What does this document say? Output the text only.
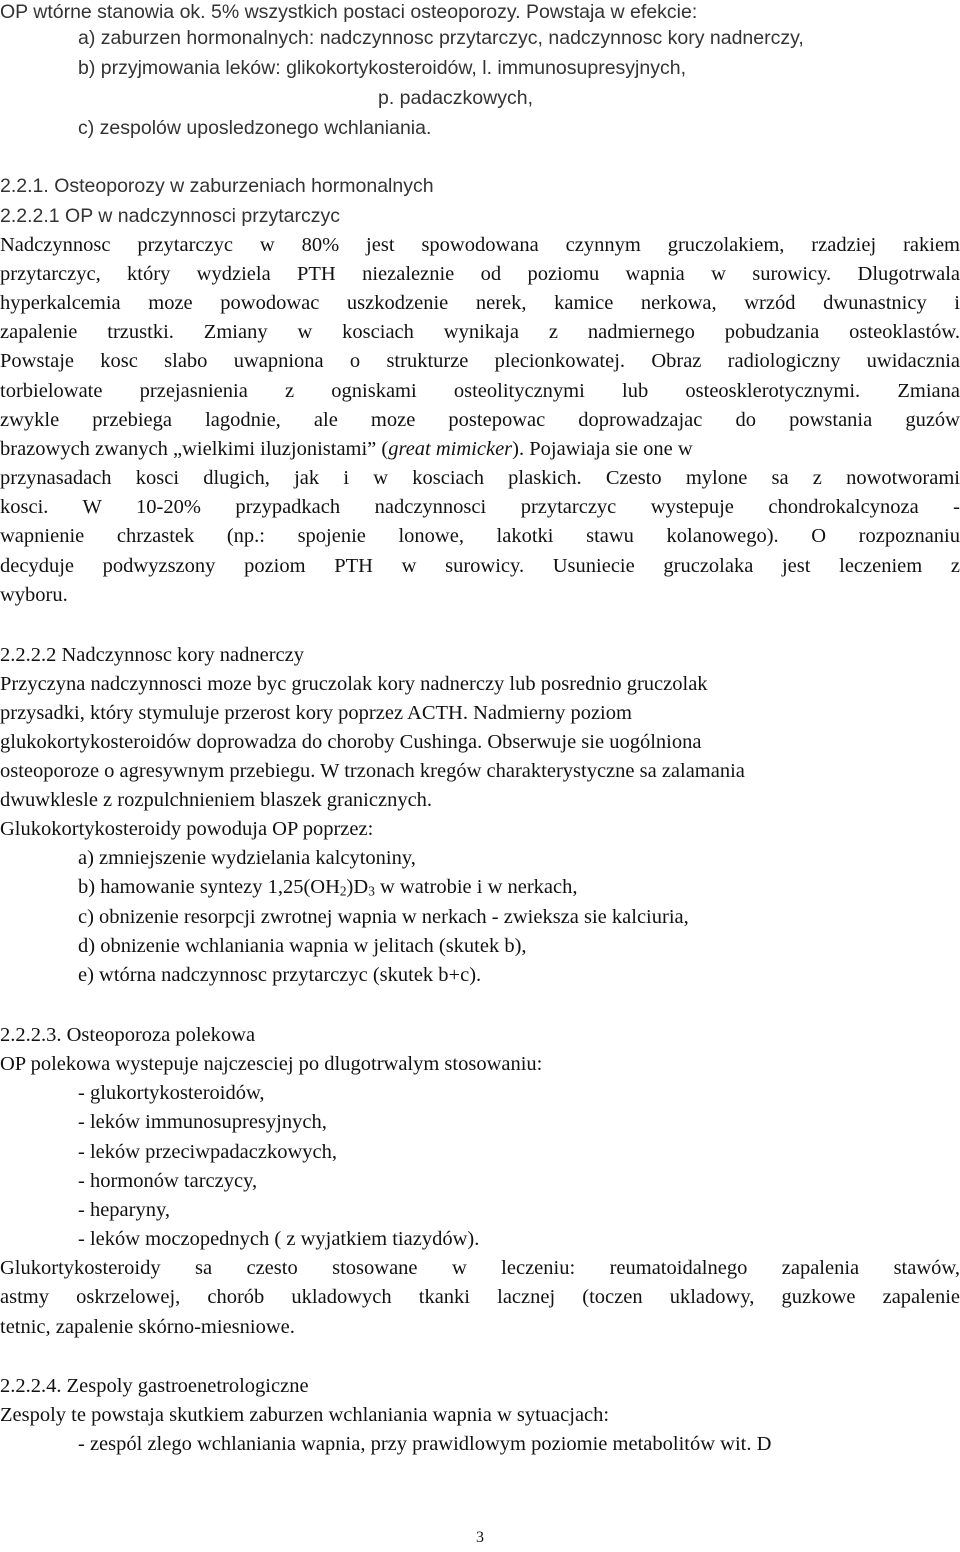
OP wtórne stanowia ok. 5% wszystkich postaci osteoporozy. Powstaja w efekcie:
a) zaburzen hormonalnych: nadczynnosc przytarczyc, nadczynnosc kory nadnerczy,
b) przyjmowania leków: glikokortykosteroidów, l. immunosupresyjnych,
p. padaczkowych,
c) zespolów uposledzonego wchlaniania.
2.2.1. Osteoporozy w zaburzeniach hormonalnych
2.2.2.1 OP w nadczynnosci przytarczyc
Nadczynnosc przytarczyc w 80% jest spowodowana czynnym gruczolakiem, rzadziej rakiem
przytarczyc, który wydziela PTH niezaleznie od poziomu wapnia w surowicy. Dlugotrwala
hyperkalcemia moze powodowac uszkodzenie nerek, kamice nerkowa, wrzód dwunastnicy i
zapalenie trzustki. Zmiany w kosciach wynikaja z nadmiernego pobudzania osteoklastów.
Powstaje kosc slabo uwapniona o strukturze plecionkowatej. Obraz radiologiczny uwidacznia
torbielowate przejasnienia z ogniskami osteolitycznymi lub osteosklerotycznymi. Zmiana
zwykle przebiega lagodnie, ale moze postepowac doprowadzajac do powstania guzów
brazowych zwanych „wielkimi iluzjonistami” (great mimicker). Pojawiaja sie one w
przynasadach kosci dlugich, jak i w kosciach plaskich. Czesto mylone sa z nowotworami
kosci. W 10-20% przypadkach nadczynnosci przytarczyc wystepuje chondrokalcynoza -
wapnienie chrzastek (np.: spojenie lonowe, lakotki stawu kolanowego). O rozpoznaniu
decyduje podwyzszony poziom PTH w surowicy. Usuniecie gruczolaka jest leczeniem z
wyboru.
2.2.2.2 Nadczynnosc kory nadnerczy
Przyczyna nadczynnosci moze byc gruczolak kory nadnerczy lub posrednio gruczolak
przysadki, który stymuluje przerost kory poprzez ACTH. Nadmierny poziom
glukokortykosteroidów doprowadza do choroby Cushinga. Obserwuje sie uogólniona
osteoporoze o agresywnym przebiegu. W trzonach kregów charakterystyczne sa zalamania
dwuwklesle z rozpulchnieniem blaszek granicznych.
Glukokortykosteroidy powoduja OP poprzez:
a) zmniejszenie wydzielania kalcytoniny,
b) hamowanie syntezy $1,25(OH_2)D_3$ w watrobie i w nerkach,
c) obnizenie resorpcji zwrotnej wapnia w nerkach - zwieksza sie kalciuria,
d) obnizenie wchlaniania wapnia w jelitach (skutek b),
e) wtórna nadczynnosc przytarczyc (skutek b+c).
2.2.2.3. Osteoporoza polekowa
OP polekowa wystepuje najczesciej po dlugotrwalym stosowaniu:
- glukortykosteroidów,
- leków immunosupresyjnych,
- leków przeciwpadaczkowych,
- hormonów tarczycy,
- heparyny,
- leków moczopednych ( z wyjatkiem tiazydów).
Glukortykosteroidy sa czesto stosowane w leczeniu: reumatoidalnego zapalenia stawów,
astmy oskrzelowej, chorób ukladowych tkanki lacznej (toczen ukladowy, guzkowe zapalenie
tetnic, zapalenie skórno-miesniowe.
2.2.2.4. Zespoly gastroenetrologiczne
Zespoly te powstaja skutkiem zaburzen wchlaniania wapnia w sytuacjach:
- zespól zlego wchlaniania wapnia, przy prawidlowym poziomie metabolitów wit. D
3
